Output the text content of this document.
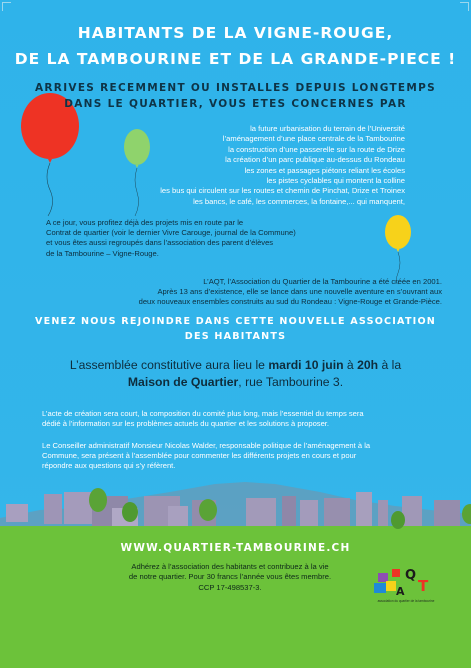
HABITANTS DE LA VIGNE-ROUGE,
DE LA TAMBOURINE ET DE LA GRANDE-PIECE !
ARRIVES RECEMMENT OU INSTALLES DEPUIS LONGTEMPS
DANS LE QUARTIER, VOUS ETES CONCERNES PAR
la future urbanisation du terrain de l’Université
l’aménagement d’une place centrale de la Tambourine
la construction d’une passerelle sur la route de Drize
la création d’un parc publique au-dessus du Rondeau
les zones et passages piétons reliant les écoles
les pistes cyclables qui montent la colline
les bus qui circulent sur les routes et chemin de Pinchat, Drize et Troinex
les bancs, le café, les commerces, la fontaine,... qui manquent,
A ce jour, vous profitez déjà des projets mis en route par le
Contrat de quartier (voir le dernier Vivre Carouge, journal de la Commune)
et vous êtes aussi regroupés dans l’association des parent d’élèves
de la Tambourine – Vigne-Rouge.
L’AQT, l’Association du Quartier de la Tambourine a été créée en 2001.
Après 13 ans d’existence, elle se lance dans une nouvelle aventure en s’ouvrant aux
deux nouveaux ensembles construits au sud du Rondeau : Vigne-Rouge et Grande-Pièce.
VENEZ NOUS REJOINDRE DANS CETTE NOUVELLE ASSOCIATION
DES HABITANTS
L’assemblée constitutive aura lieu le mardi 10 juin à 20h à la
Maison de Quartier, rue Tambourine 3.
L’acte de création sera court, la composition du comité plus long, mais l’essentiel du temps sera
dédié à l’information sur les problèmes actuels du quartier et les solutions à proposer.
Le Conseiller administratif Monsieur Nicolas Walder, responsable politique de l’aménagement à la
Commune, sera présent à l’assemblée pour commenter les différents projets en cours et pour
répondre aux questions qui s’y réfèrent.
WWW.QUARTIER-TAMBOURINE.CH
Adhérez à l’association des habitants et contribuez à la vie
de notre quartier. Pour 30 francs l’année vous êtes membre.
CCP 17-498537-3.	A
Q
T
association du quartier de la tambourine
